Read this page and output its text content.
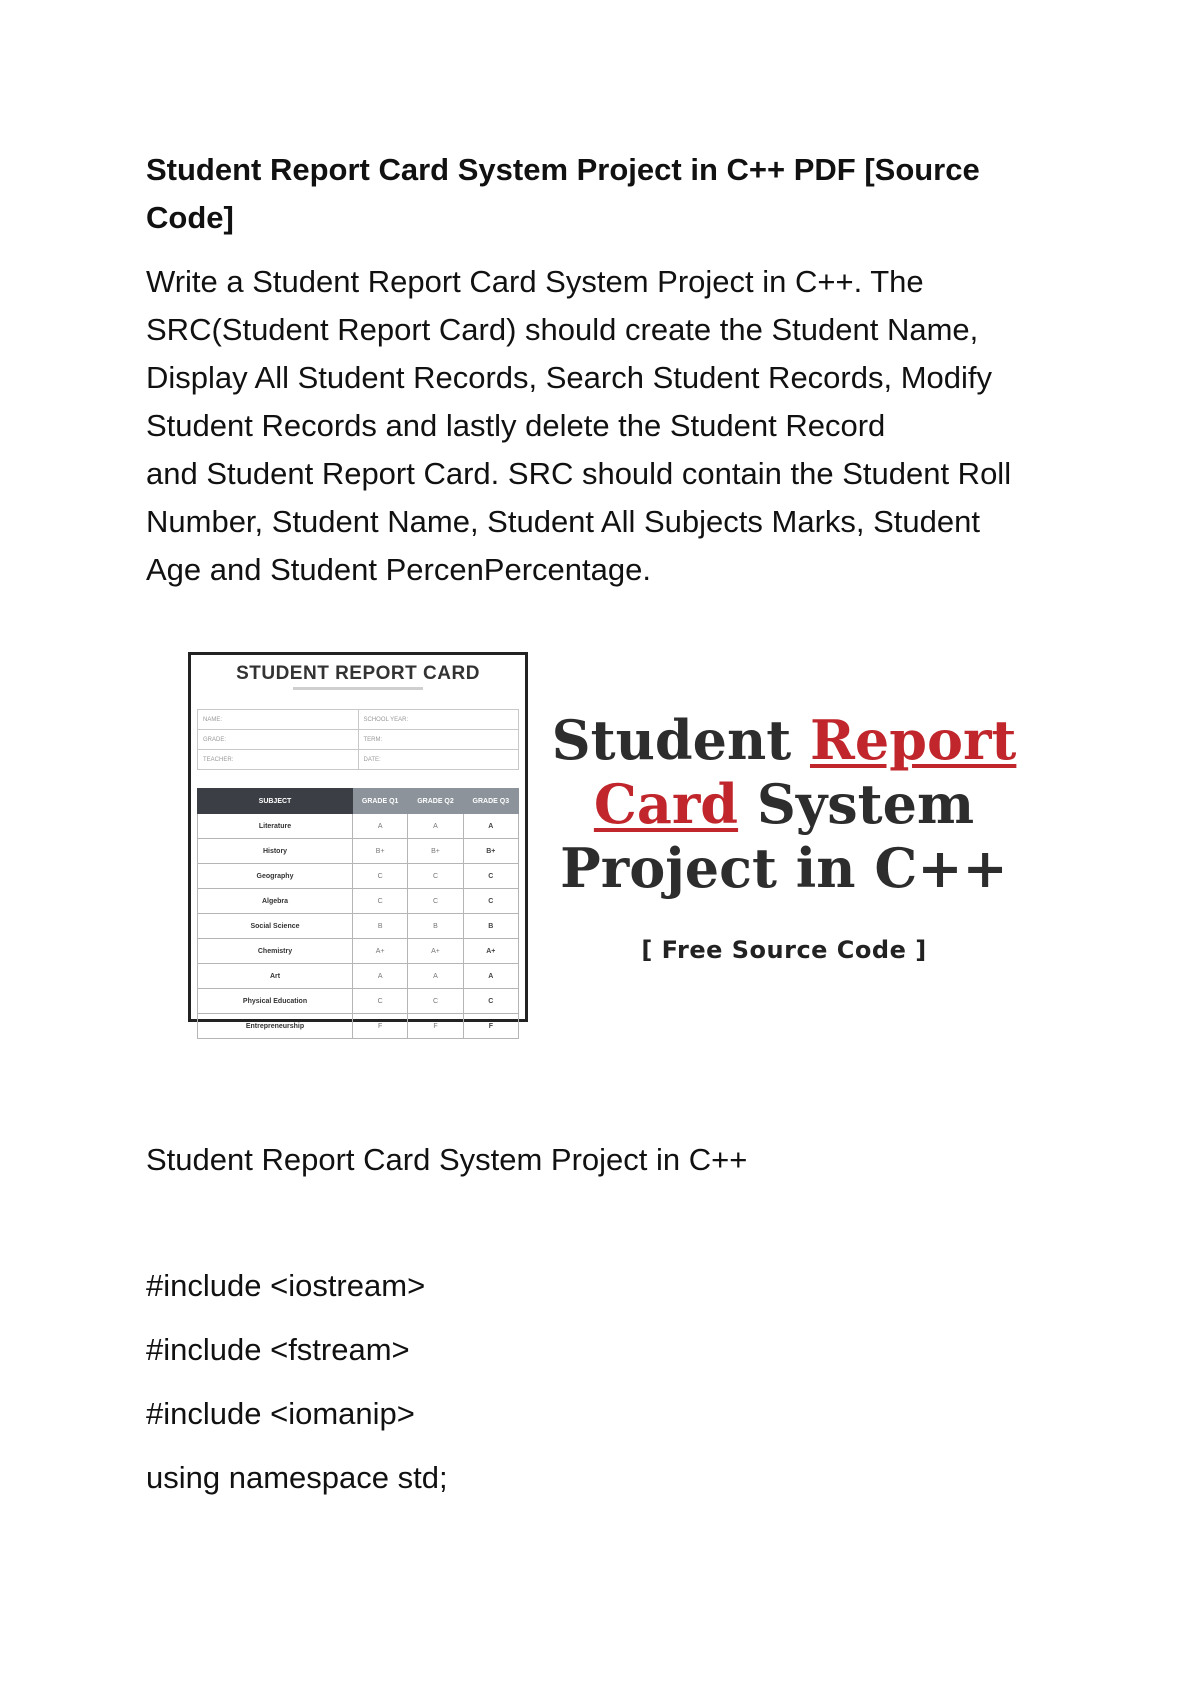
Student Report Card System Project in C++ PDF [Source Code]

Write a Student Report Card System Project in C++. The
SRC(Student Report Card) should create the Student Name,
Display All Student Records, Search Student Records, Modify
Student Records and lastly delete the Student Record
and Student Report Card. SRC should contain the Student Roll
Number, Student Name, Student All Subjects Marks, Student
Age and Student PercenPercentage.

STUDENT REPORT CARD
NAME:	SCHOOL YEAR:
GRADE:	TERM:
TEACHER:	DATE:
SUBJECT	GRADE Q1	GRADE Q2	GRADE Q3
Literature	A	A	A
History	B+	B+	B+
Geography	C	C	C
Algebra	C	C	C
Social Science	B	B	B
Chemistry	A+	A+	A+
Art	A	A	A
Physical Education	C	C	C
Entrepreneurship	F	F	F
Student Report
Card System
Project in C++
[ Free Source Code ]

Student Report Card System Project in C++

#include <iostream>
#include <fstream>
#include <iomanip>
using namespace std;
